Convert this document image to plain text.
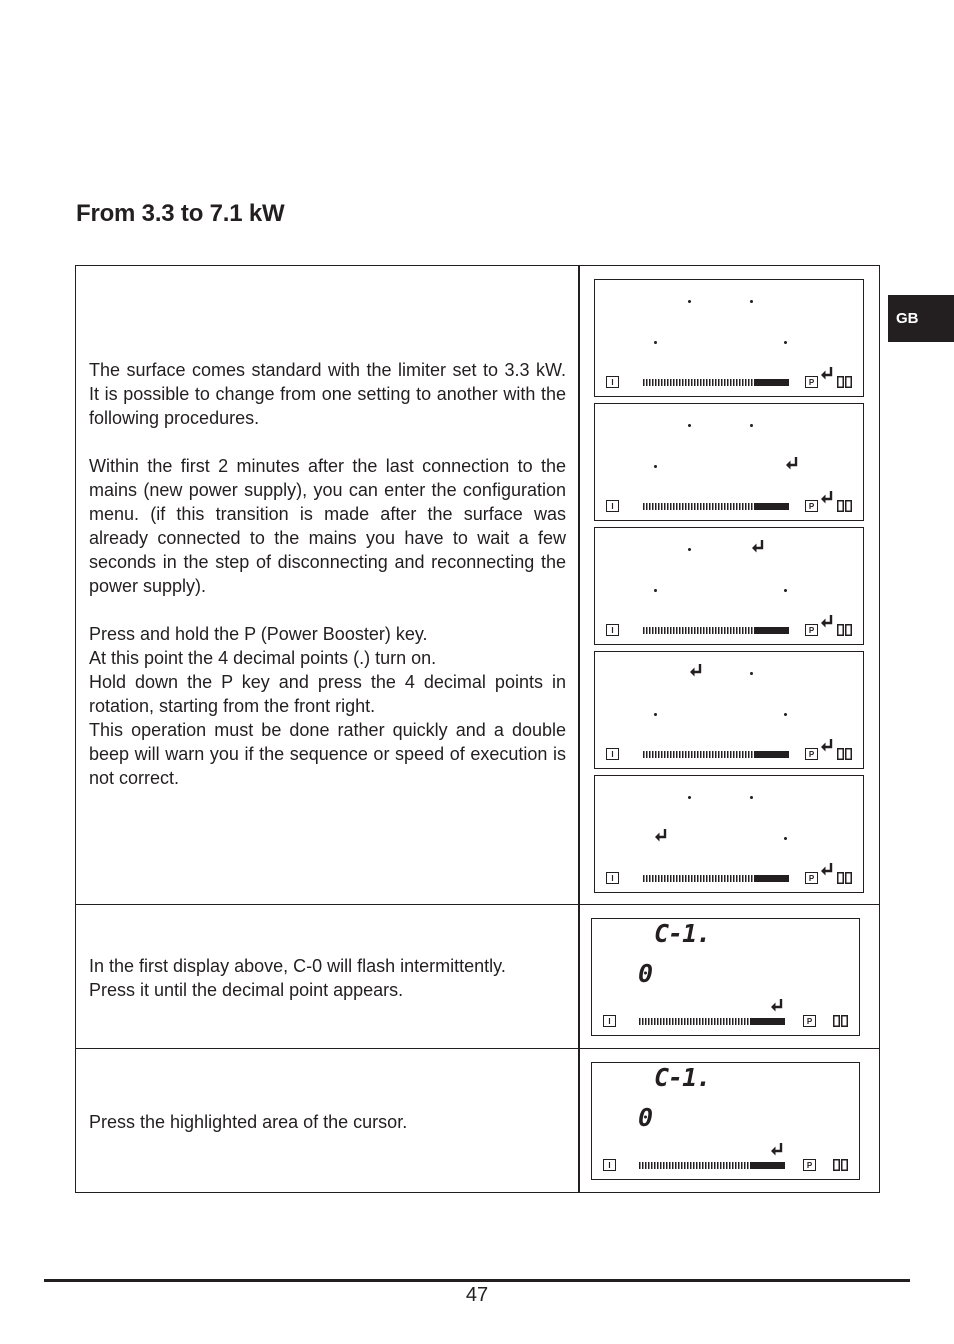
From 3.3 to 7.1 kW
GB

The surface comes standard with the limiter set to 3.3 kW. It is possible to change from one setting to another with the following procedures.

Within the first 2 minutes after the last connection to the mains (new power supply), you can enter the configuration menu. (if this transition is made after the surface was already connected to the mains you have to wait a few seconds in the step of disconnecting and reconnecting the power supply).

Press and hold the P (Power Booster) key.
At this point the 4 decimal points (.) turn on.
Hold down the P key and press the 4 decimal points in rotation, starting from the front right.
This operation must be done rather quickly and a double beep will warn you if the sequence or speed of execution is not correct.

In the first display above, C-0 will flash intermittently.
Press it until the decimal point appears.

Press the highlighted area of the cursor.

I	P
I	P
I	P
I	P
I	P
C-1.
0
I	P
C-1.
0
I	P
47
